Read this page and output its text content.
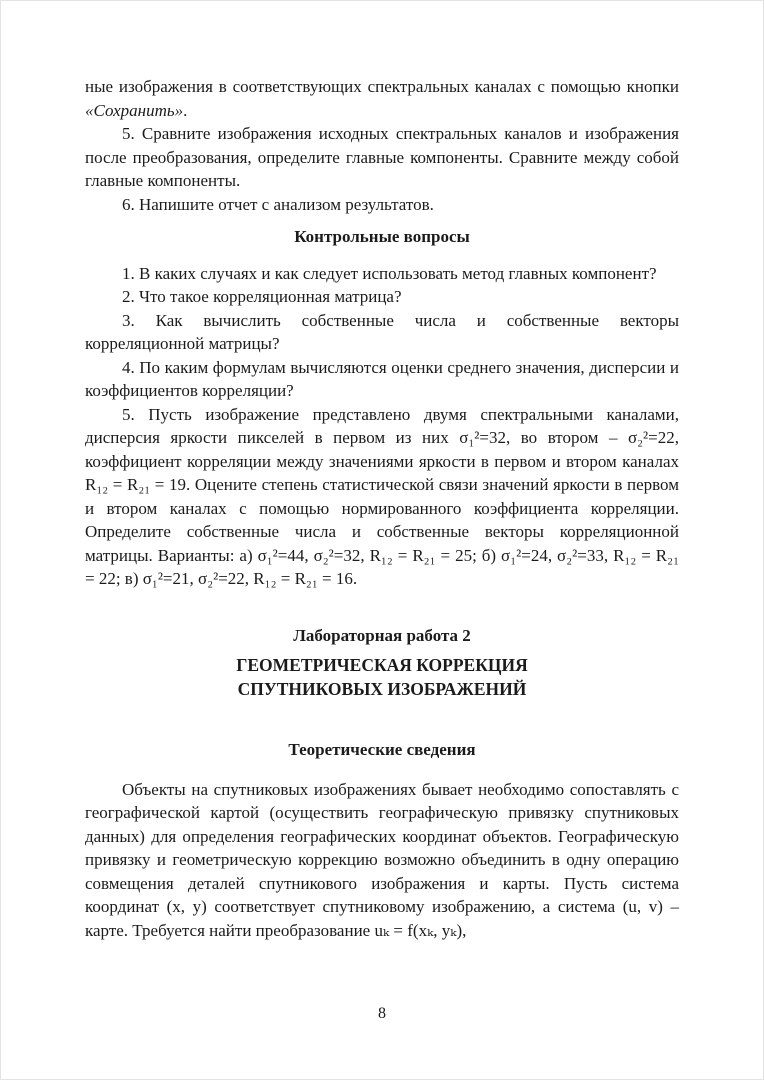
ные изображения в соответствующих спектральных каналах с помощью кнопки «Сохранить».

5. Сравните изображения исходных спектральных каналов и изображения после преобразования, определите главные компоненты. Сравните между собой главные компоненты.

6. Напишите отчет с анализом результатов.

Контрольные вопросы

1. В каких случаях и как следует использовать метод главных компонент?

2. Что такое корреляционная матрица?

3. Как вычислить собственные числа и собственные векторы корреляционной матрицы?

4. По каким формулам вычисляются оценки среднего значения, дисперсии и коэффициентов корреляции?

5. Пусть изображение представлено двумя спектральными каналами, дисперсия яркости пикселей в первом из них σ₁²=32, во втором – σ₂²=22, коэффициент корреляции между значениями яркости в первом и втором каналах R₁₂ = R₂₁ = 19. Оцените степень статистической связи значений яркости в первом и втором каналах с помощью нормированного коэффициента корреляции. Определите собственные числа и собственные векторы корреляционной матрицы. Варианты: а) σ₁²=44, σ₂²=32, R₁₂ = R₂₁ = 25; б) σ₁²=24, σ₂²=33, R₁₂ = R₂₁ = 22; в) σ₁²=21, σ₂²=22, R₁₂ = R₂₁ = 16.

Лабораторная работа 2
ГЕОМЕТРИЧЕСКАЯ КОРРЕКЦИЯ
СПУТНИКОВЫХ ИЗОБРАЖЕНИЙ
Теоретические сведения

Объекты на спутниковых изображениях бывает необходимо сопоставлять с географической картой (осуществить географическую привязку спутниковых данных) для определения географических координат объектов. Географическую привязку и геометрическую коррекцию возможно объединить в одну операцию совмещения деталей спутникового изображения и карты. Пусть система координат (x, y) соответствует спутниковому изображению, а система (u, v) – карте. Требуется найти преобразование uₖ = f(xₖ, yₖ),

8
